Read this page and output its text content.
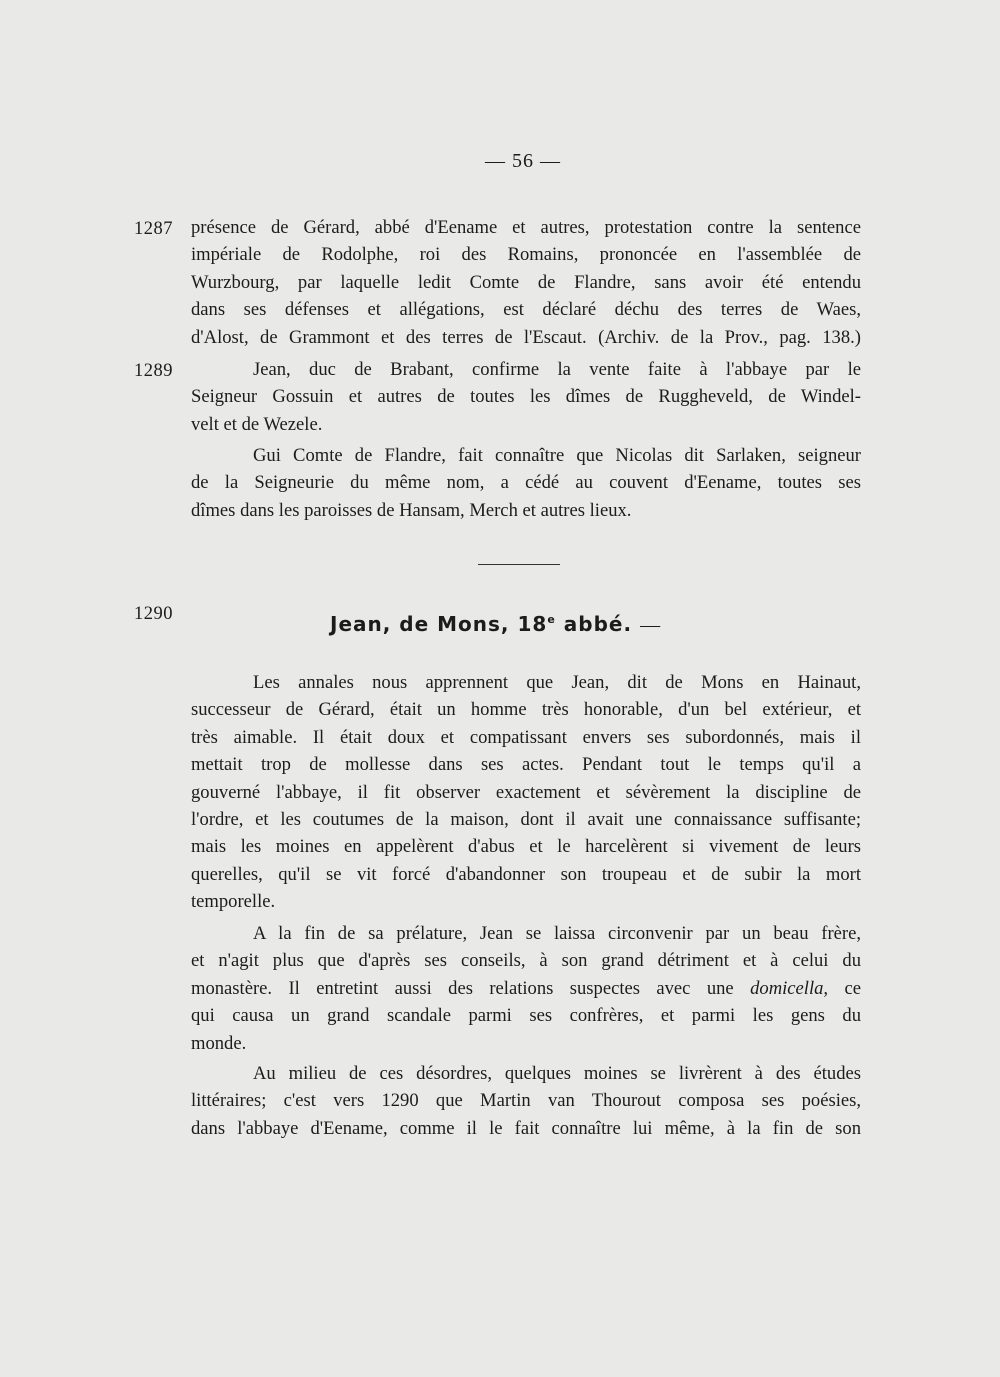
— 56 —
1287 présence de Gérard, abbé d'Eename et autres, protestation contre la sentence
impériale de Rodolphe, roi des Romains, prononcée en l'assemblée de
Wurzbourg, par laquelle ledit Comte de Flandre, sans avoir été entendu
dans ses défenses et allégations, est déclaré déchu des terres de Waes,
d'Alost, de Grammont et des terres de l'Escaut. (Archiv. de la Prov., pag. 138.)
1289	Jean, duc de Brabant, confirme la vente faite à l'abbaye par le
Seigneur Gossuin et autres de toutes les dîmes de Ruggheveld, de Windel-
velt et de Wezele.
Gui Comte de Flandre, fait connaître que Nicolas dit Sarlaken, seigneur
de la Seigneurie du même nom, a cédé au couvent d'Eename, toutes ses
dîmes dans les paroisses de Hansam, Merch et autres lieux.
1290	Jean, de Mons, 18e abbé. —
Les annales nous apprennent que Jean, dit de Mons en Hainaut,
successeur de Gérard, était un homme très honorable, d'un bel extérieur, et
très aimable. Il était doux et compatissant envers ses subordonnés, mais il
mettait trop de mollesse dans ses actes. Pendant tout le temps qu'il a
gouverné l'abbaye, il fit observer exactement et sévèrement la discipline de
l'ordre, et les coutumes de la maison, dont il avait une connaissance suffisante;
mais les moines en appelèrent d'abus et le harcelèrent si vivement de leurs
querelles, qu'il se vit forcé d'abandonner son troupeau et de subir la mort
temporelle.
A la fin de sa prélature, Jean se laissa circonvenir par un beau frère,
et n'agit plus que d'après ses conseils, à son grand détriment et à celui du
monastère. Il entretint aussi des relations suspectes avec une domicella, ce
qui causa un grand scandale parmi ses confrères, et parmi les gens du
monde.
Au milieu de ces désordres, quelques moines se livrèrent à des études
littéraires; c'est vers 1290 que Martin van Thourout composa ses poésies,
dans l'abbaye d'Eename, comme il le fait connaître lui même, à la fin de son
